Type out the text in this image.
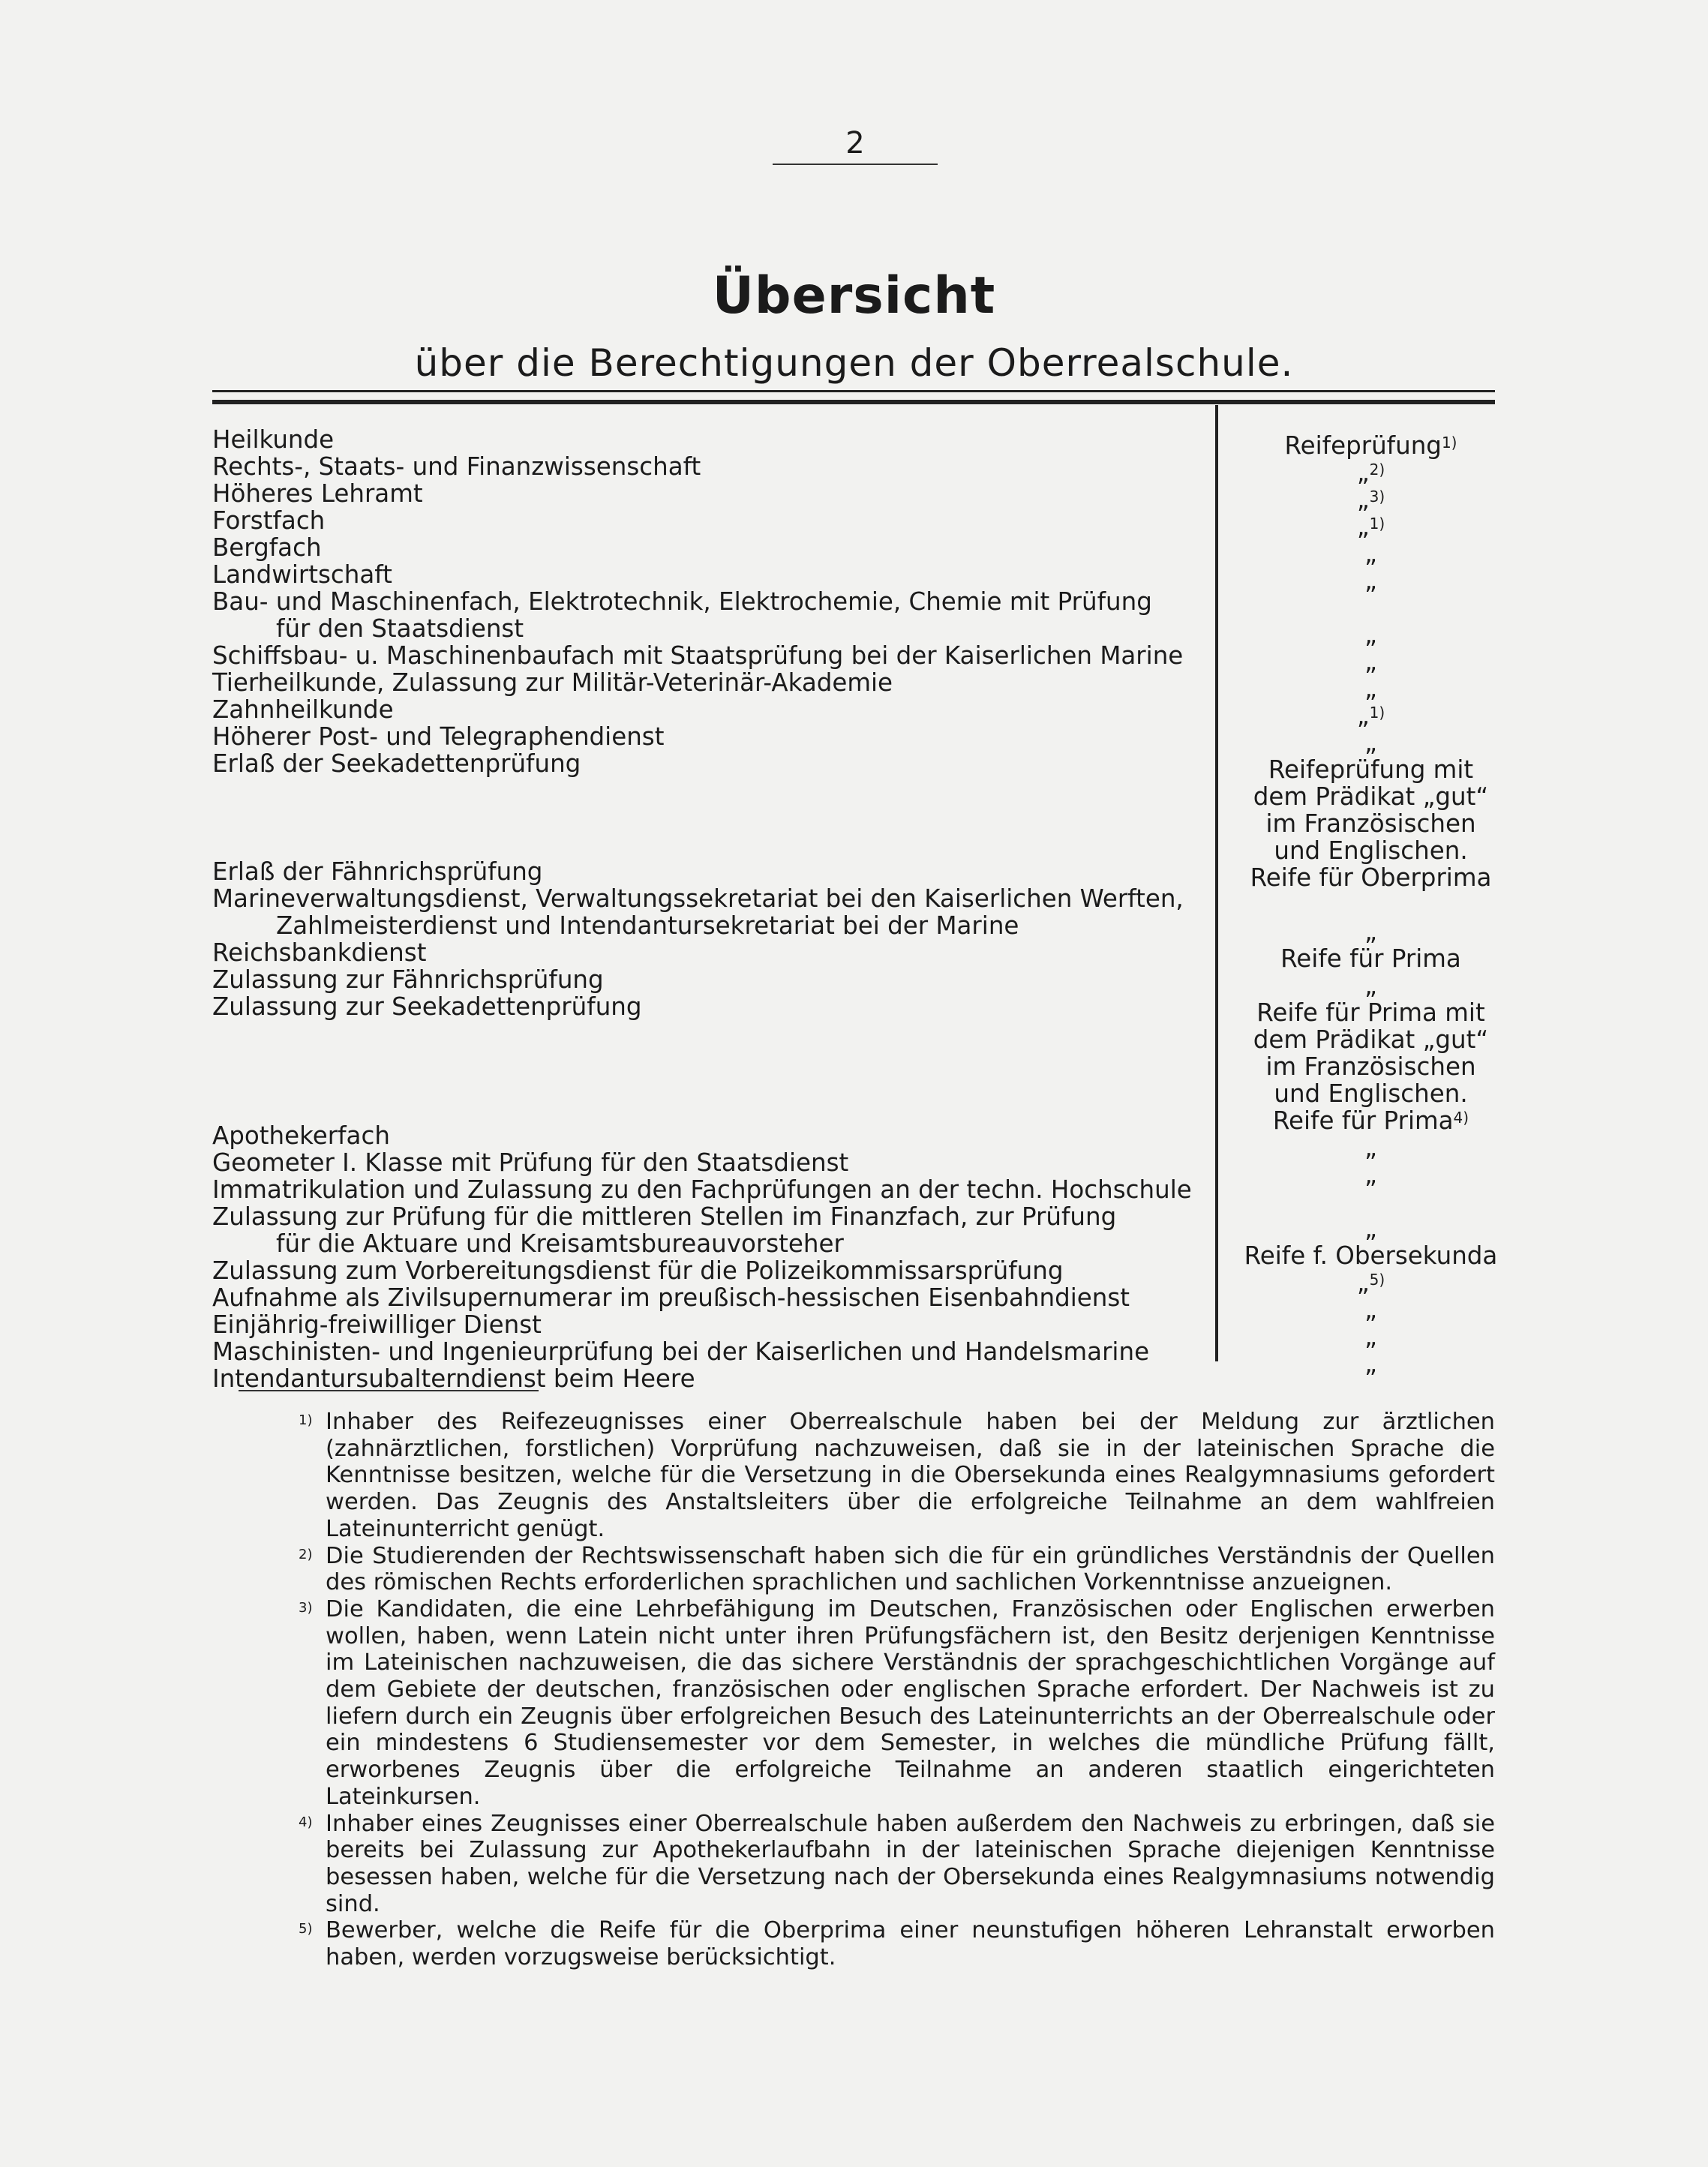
2
Übersicht
über die Berechtigungen der Oberrealschule.
Heilkunde
Rechts-, Staats- und Finanzwissenschaft
Höheres Lehramt
Forstfach
Bergfach
Landwirtschaft
Bau- und Maschinenfach, Elektrotechnik, Elektrochemie, Chemie mit Prüfung
für den Staatsdienst
Schiffsbau- u. Maschinenbaufach mit Staatsprüfung bei der Kaiserlichen Marine
Tierheilkunde, Zulassung zur Militär-Veterinär-Akademie
Zahnheilkunde
Höherer Post- und Telegraphendienst
Erlaß der Seekadettenprüfung
Erlaß der Fähnrichsprüfung
Marineverwaltungsdienst, Verwaltungssekretariat bei den Kaiserlichen Werften,
Zahlmeisterdienst und Intendantursekretariat bei der Marine
Reichsbankdienst
Zulassung zur Fähnrichsprüfung
Zulassung zur Seekadettenprüfung
Apothekerfach
Geometer I. Klasse mit Prüfung für den Staatsdienst
Immatrikulation und Zulassung zu den Fachprüfungen an der techn. Hochschule
Zulassung zur Prüfung für die mittleren Stellen im Finanzfach, zur Prüfung
für die Aktuare und Kreisamtsbureauvorsteher
Zulassung zum Vorbereitungsdienst für die Polizeikommissarsprüfung
Aufnahme als Zivilsupernumerar im preußisch-hessischen Eisenbahndienst
Einjährig-freiwilliger Dienst
Maschinisten- und Ingenieurprüfung bei der Kaiserlichen und Handelsmarine
Intendantursubalterndienst beim Heere
Reifeprüfung$^{1)}$
„$^{2)}$
„$^{3)}$
„$^{1)}$
„
„
„
„
„
„$^{1)}$
„
Reifeprüfung mit
dem Prädikat „gut“
im Französischen
und Englischen.
Reife für Oberprima
„
Reife für Prima
„
Reife für Prima mit
dem Prädikat „gut“
im Französischen
und Englischen.
Reife für Prima$^{4)}$
„
„
„
Reife f. Obersekunda
„$^{5)}$
„
„
„

$^{1)}$ Inhaber des Reifezeugnisses einer Oberrealschule haben bei der Meldung zur ärztlichen (zahnärztlichen, forstlichen) Vorprüfung nachzuweisen, daß sie in der lateinischen Sprache die Kenntnisse besitzen, welche für die Versetzung in die Obersekunda eines Realgymnasiums gefordert werden. Das Zeugnis des Anstaltsleiters über die erfolgreiche Teilnahme an dem wahlfreien Lateinunterricht genügt.

$^{2)}$ Die Studierenden der Rechtswissenschaft haben sich die für ein gründliches Verständnis der Quellen des römischen Rechts erforderlichen sprachlichen und sachlichen Vorkenntnisse anzueignen.

$^{3)}$ Die Kandidaten, die eine Lehrbefähigung im Deutschen, Französischen oder Englischen erwerben wollen, haben, wenn Latein nicht unter ihren Prüfungsfächern ist, den Besitz derjenigen Kenntnisse im Lateinischen nachzuweisen, die das sichere Verständnis der sprachgeschichtlichen Vorgänge auf dem Gebiete der deutschen, französischen oder englischen Sprache erfordert. Der Nachweis ist zu liefern durch ein Zeugnis über erfolgreichen Besuch des Lateinunterrichts an der Oberrealschule oder ein mindestens 6 Studiensemester vor dem Semester, in welches die mündliche Prüfung fällt, erworbenes Zeugnis über die erfolgreiche Teilnahme an anderen staatlich eingerichteten Lateinkursen.

$^{4)}$ Inhaber eines Zeugnisses einer Oberrealschule haben außerdem den Nachweis zu erbringen, daß sie bereits bei Zulassung zur Apothekerlaufbahn in der lateinischen Sprache diejenigen Kenntnisse besessen haben, welche für die Versetzung nach der Obersekunda eines Realgymnasiums notwendig sind.

$^{5)}$ Bewerber, welche die Reife für die Oberprima einer neunstufigen höheren Lehranstalt erworben haben, werden vorzugsweise berücksichtigt.
